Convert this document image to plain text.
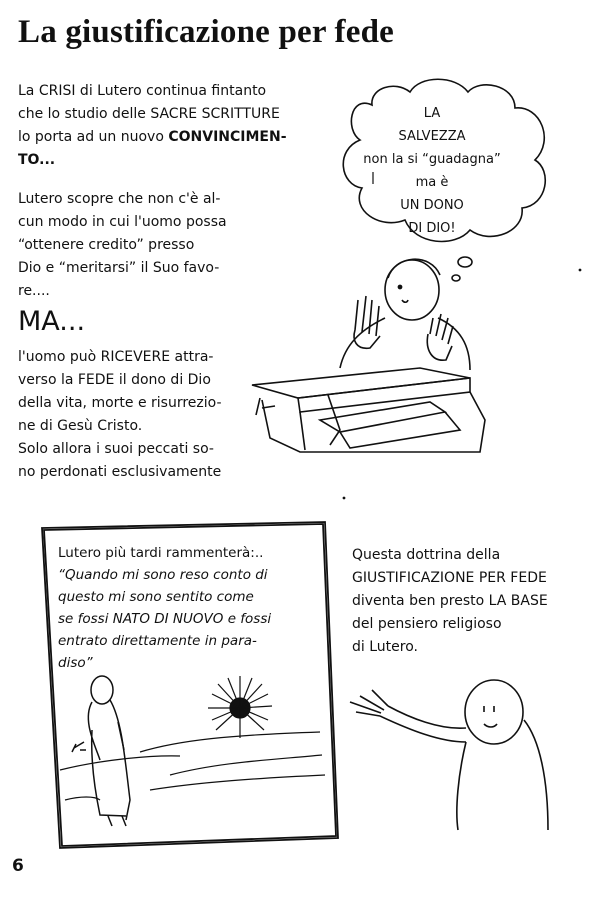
La giustificazione per fede
La CRISI di Lutero continua fintanto
che lo studio delle SACRE SCRITTURE
lo porta ad un nuovo CONVINCIMEN-
TO...
Lutero scopre che non c'è al-
cun modo in cui l'uomo possa
“ottenere credito” presso
Dio e “meritarsi” il Suo favo-
re....
MA...
l'uomo può RICEVERE attra-
verso la FEDE il dono di Dio
della vita, morte e risurrezio-
ne di Gesù Cristo.
Solo allora i suoi peccati so-
no perdonati esclusivamente
LA
SALVEZZA
non la si “guadagna”
ma è
UN DONO
DI DIO!
Lutero più tardi rammenterà:..
“Quando mi sono reso conto di
questo mi sono sentito come
se fossi NATO DI NUOVO e fossi
entrato direttamente in para-
diso”
Questa dottrina della
GIUSTIFICAZIONE PER FEDE
diventa ben presto LA BASE
del pensiero religioso
di Lutero.
6
